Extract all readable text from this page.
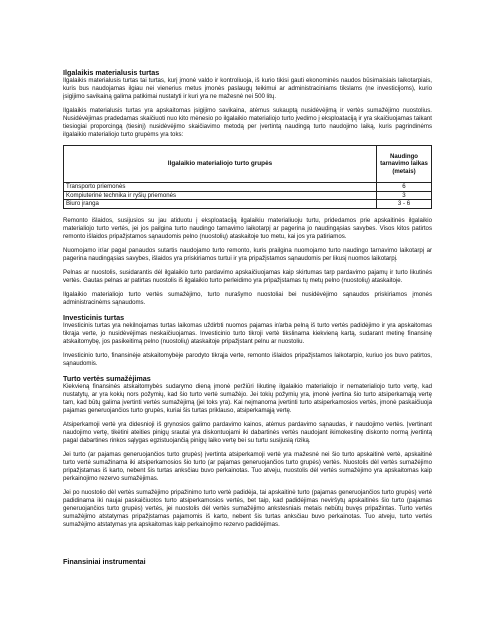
Ilgalaikis materialusis turtas

Ilgalaikis materialusis turtas tai turtas, kurį įmonė valdo ir kontroliuoja, iš kurio tikisi gauti ekonominės naudos būsimaisiais laikotarpiais, kuris bus naudojamas ilgiau nei vienerius metus įmonės paslaugų teikimui ar administraciniams tikslams (ne investicijoms), kurio įsigijimo savikainą galima patikimai nustatyti ir kuri yra ne mažesnė nei 500 litų.

Ilgalaikis materialusis turtas yra apskaitomas įsigijimo savikaina, atėmus sukauptą nusidėvėjimą ir vertės sumažėjimo nuostolius. Nusidėvėjimas pradedamas skaičiuoti nuo kito mėnesio po ilgalaikio materialiojo turto įvedimo į eksploataciją ir yra skaičiuojamas taikant tiesiogiai proporcingą (tiesinį) nusidėvėjimo skaičiavimo metodą per įvertintą naudingą turto naudojimo laiką, kuris pagrindinėms ilgalaikio materialiojo turto grupėms yra toks:

Ilgalaikio materialiojo turto grupės	Naudingo tarnavimo laikas (metais)
Transporto priemonės	6
Kompiuterinė technika ir ryšių priemonės	3
Biuro įranga	3 - 6

Remonto išlaidos, susijusios su jau atiduotu į eksploataciją ilgalaikiu materialiuoju turtu, pridedamos prie apskaitinės ilgalaikio materialiojo turto vertės, jei jos pailgina turto naudingo tarnavimo laikotarpį ar pagerina jo naudingąsias savybes. Visos kitos patirtos remonto išlaidos pripažįstamos sąnaudomis pelno (nuostolių) ataskaitoje tuo metu, kai jos yra patiriamos.

Nuomojamo ir/ar pagal panaudos sutartis naudojamo turto remonto, kuris prailgina nuomojamo turto naudingo tarnavimo laikotarpį ar pagerina naudingąsias savybes, išlaidos yra priskiriamos turtui ir yra pripažįstamos sąnaudomis per likusį nuomos laikotarpį.

Pelnas ar nuostolis, susidarantis dėl ilgalaikio turto pardavimo apskaičiuojamas kaip skirtumas tarp pardavimo pajamų ir turto likutinės vertės. Gautas pelnas ar patirtas nuostolis iš ilgalaikio turto perleidimo yra pripažįstamas tų metų pelno (nuostolių) ataskaitoje.

Ilgalaikio materialiojo turto vertės sumažėjimo, turto nurašymo nuostoliai bei nusidėvėjimo sąnaudos priskiriamos įmonės administracinėms sąnaudoms.

Investicinis turtas

Investicinis turtas yra nekilnojamas turtas laikomas uždirbti nuomos pajamas ir/arba pelną iš turto vertės padidėjimo ir yra apskaitomas tikrąja verte, jo nusidėvėjimas neskaičiuojamas. Investicinio turto tikroji vertė tikslinama kiekvieną kartą, sudarant metinę finansinę atskaitomybę, jos pasikeitimą pelno (nuostolių) ataskaitoje pripažįstant pelnu ar nuostoliu.

Investicinio turto, finansinėje atskaitomybėje parodyto tikrąja verte, remonto išlaidos pripažįstamos laikotarpio, kuriuo jos buvo patirtos, sąnaudomis.

Turto vertės sumažėjimas

Kiekvieną finansinės atskaitomybės sudarymo dieną įmonė peržiūri likutinę ilgalaikio materialiojo ir nematerialiojo turto vertę, kad nustatytų, ar yra kokių nors požymių, kad šio turto vertė sumažėjo. Jei tokių požymių yra, įmonė įvertina šio turto atsiperkamąją vertę tam, kad būtų galima įvertinti vertės sumažėjimą (jei toks yra). Kai neįmanoma įvertinti turto atsiperkamosios vertės, įmonė paskaičiuoja pajamas generuojančios turto grupės, kuriai šis turtas priklauso, atsiperkamąją vertę.

Atsiperkamoji vertė yra didesnioji iš grynosios galimo pardavimo kainos, atėmus pardavimo sąnaudas, ir naudojimo vertės. Įvertinant naudojimo vertę, tikėtini ateities pinigų srautai yra diskontuojami iki dabartinės vertės naudojant ikimokestinę diskonto normą įvertintą pagal dabartines rinkos sąlygas egzistuojančią pinigų laiko vertę bei su turtu susijusią riziką.

Jei turto (ar pajamas generuojančios turto grupės) įvertinta atsiperkamoji vertė yra mažesnė nei šio turto apskaitinė vertė, apskaitinė turto vertė sumažinama iki atsiperkamosios šio turto (ar pajamas generuojančios turto grupės) vertės. Nuostolis dėl vertės sumažėjimo pripažįstamas iš karto, nebent šis turtas anksčiau buvo perkainotas. Tuo atveju, nuostolis dėl vertės sumažėjimo yra apskaitomas kaip perkainojimo rezervo sumažėjimas.

Jei po nuostolio dėl vertės sumažėjimo pripažinimo turto vertė padidėja, tai apskaitinė turto (pajamas generuojančios turto grupės) vertė padidinama iki naujai paskaičiuotos turto atsiperkamosios vertės, bet taip, kad padidėjimas neviršytų apskaitinės šio turto (pajamas generuojančios turto grupės) vertės, jei nuostolis dėl vertės sumažėjimo ankstesniais metais nebūtų buvęs pripažintas. Turto vertės sumažėjimo atstatymas pripažįstamas pajamomis iš karto, nebent šis turtas anksčiau buvo perkainotas. Tuo atveju, turto vertės sumažėjimo atstatymas yra apskaitomas kaip perkainojimo rezervo padidėjimas.

Finansiniai instrumentai
